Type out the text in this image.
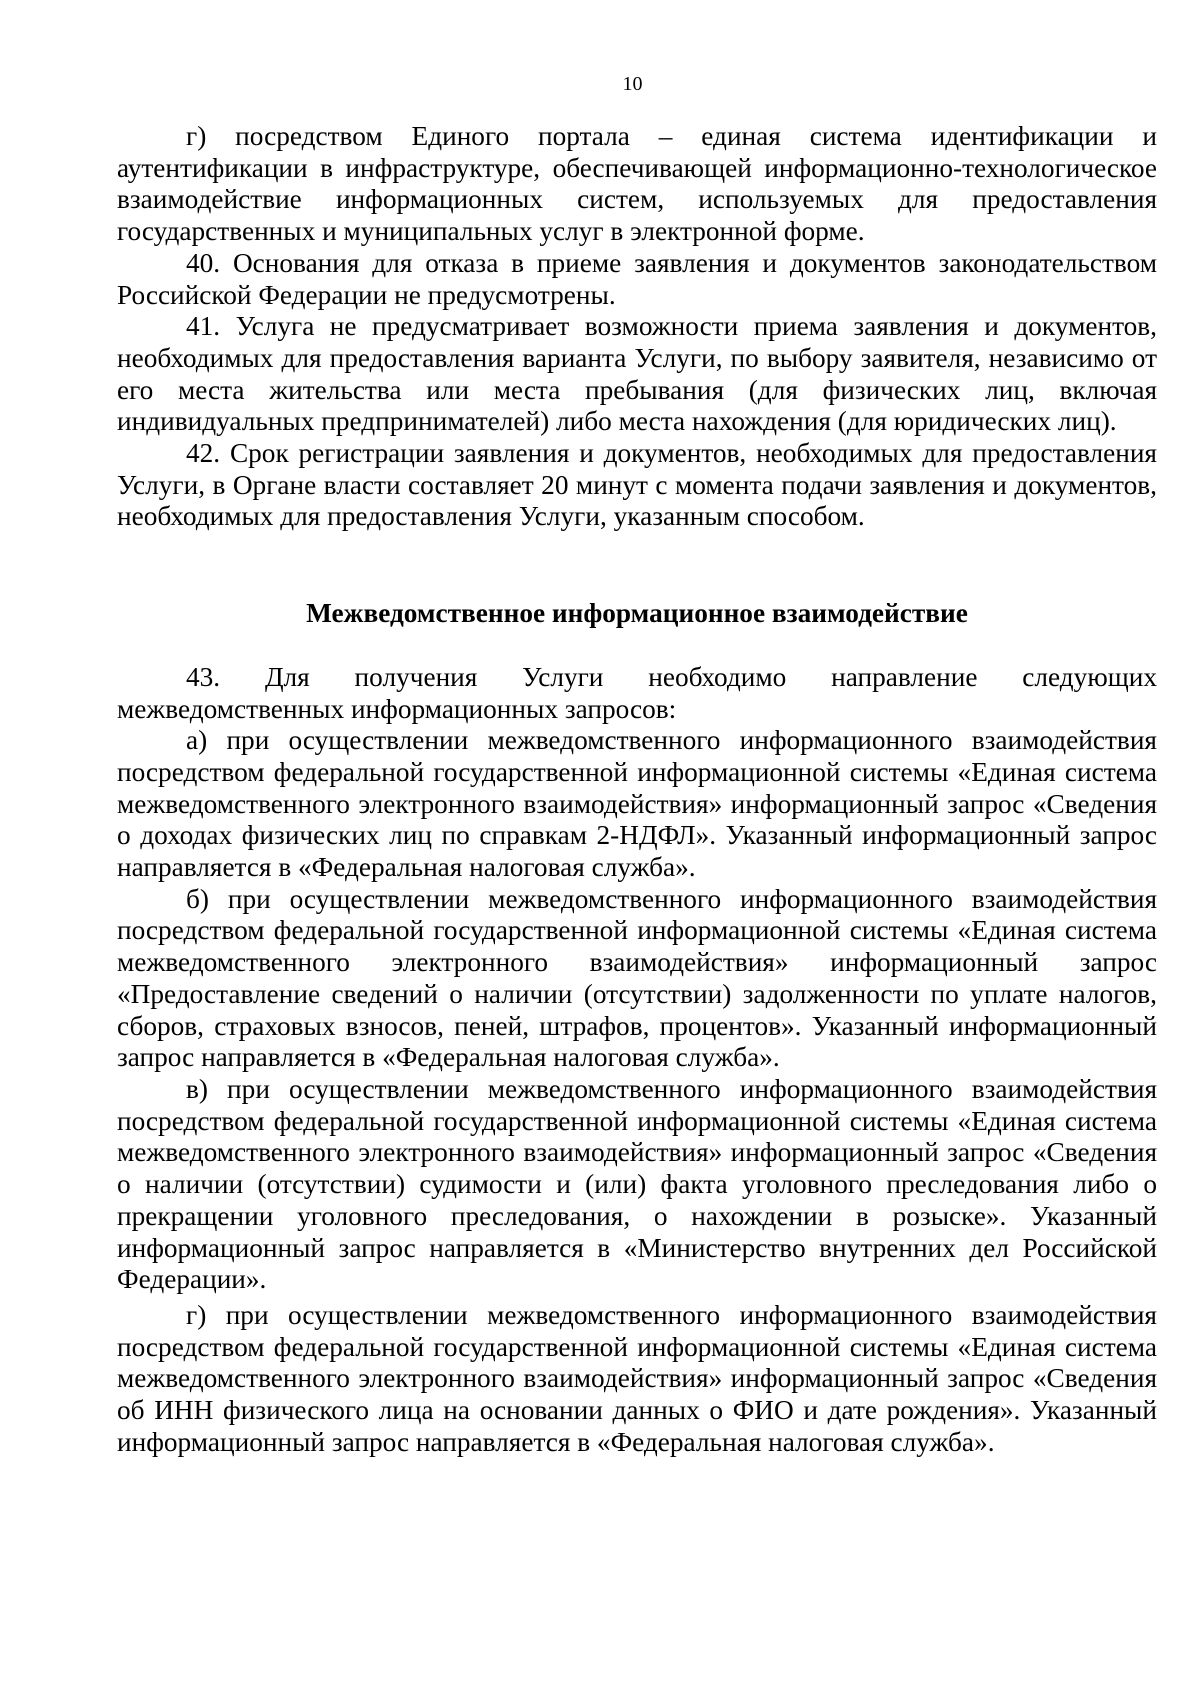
10

г) посредством Единого портала – единая система идентификации и аутентификации в инфраструктуре, обеспечивающей информационно-технологическое взаимодействие информационных систем, используемых для предоставления государственных и муниципальных услуг в электронной форме.

40. Основания для отказа в приеме заявления и документов законодательством Российской Федерации не предусмотрены.

41. Услуга не предусматривает возможности приема заявления и документов, необходимых для предоставления варианта Услуги, по выбору заявителя, независимо от его места жительства или места пребывания (для физических лиц, включая индивидуальных предпринимателей) либо места нахождения (для юридических лиц).

42. Срок регистрации заявления и документов, необходимых для предоставления Услуги, в Органе власти составляет 20 минут с момента подачи заявления и документов, необходимых для предоставления Услуги, указанным способом.

Межведомственное информационное взаимодействие

43. Для получения Услуги необходимо направление следующих межведомственных информационных запросов:

а) при осуществлении межведомственного информационного взаимодействия посредством федеральной государственной информационной системы «Единая система межведомственного электронного взаимодействия» информационный запрос «Сведения о доходах физических лиц по справкам 2-НДФЛ». Указанный информационный запрос направляется в «Федеральная налоговая служба».

б) при осуществлении межведомственного информационного взаимодействия посредством федеральной государственной информационной системы «Единая система межведомственного электронного взаимодействия» информационный запрос «Предоставление сведений о наличии (отсутствии) задолженности по уплате налогов, сборов, страховых взносов, пеней, штрафов, процентов». Указанный информационный запрос направляется в «Федеральная налоговая служба».

в) при осуществлении межведомственного информационного взаимодействия посредством федеральной государственной информационной системы «Единая система межведомственного электронного взаимодействия» информационный запрос «Сведения о наличии (отсутствии) судимости и (или) факта уголовного преследования либо о прекращении уголовного преследования, о нахождении в розыске». Указанный информационный запрос направляется в «Министерство внутренних дел Российской Федерации».

г) при осуществлении межведомственного информационного взаимодействия посредством федеральной государственной информационной системы «Единая система межведомственного электронного взаимодействия» информационный запрос «Сведения об ИНН физического лица на основании данных о ФИО и дате рождения». Указанный информационный запрос направляется в «Федеральная налоговая служба».
